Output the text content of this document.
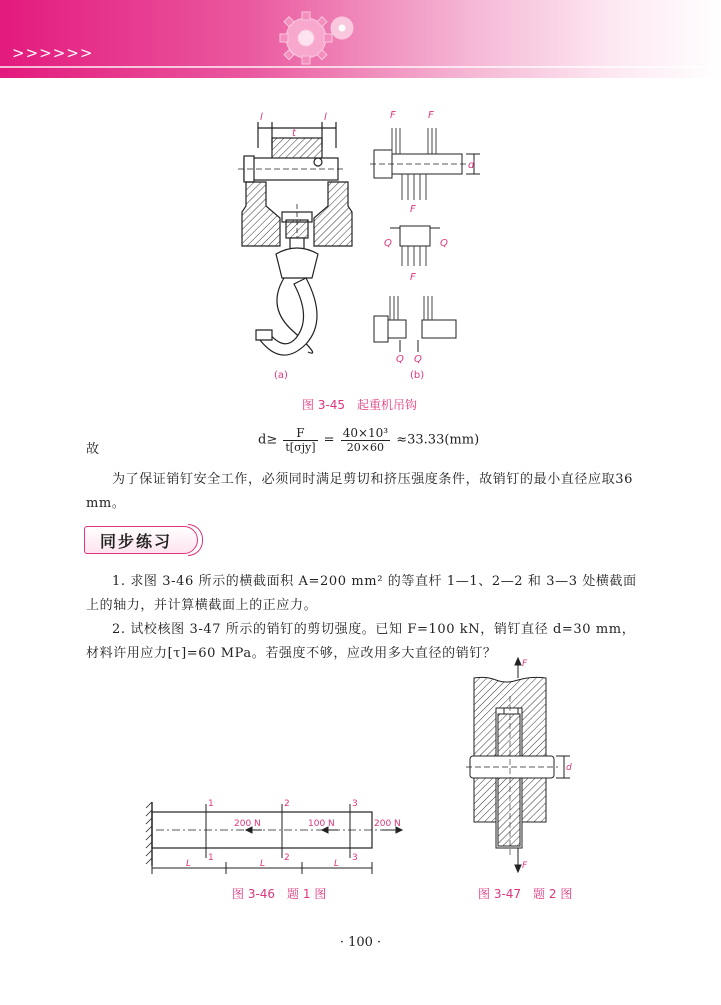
>>>>>>
l
t
l
(a)
F	F
d
F
Q	Q
F
Q Q
(b)
图 3-45　起重机吊钩
故
$d\ge \frac{F}{\text{t[σjy]}} = \frac{\text{40×10³}}{20\times 60} \approx 33.33(mm)$
为了保证销钉安全工作，必须同时满足剪切和挤压强度条件，故销钉的最小直径应取36 mm。
同步练习
1. 求图 3-46 所示的横截面积 A=200 mm² 的等直杆 1—1、2—2 和 3—3 处横截面上的轴力，并计算横截面上的正应力。
2. 试校核图 3-47 所示的销钉的剪切强度。已知 F=100 kN，销钉直径 d=30 mm，材料许用应力[τ]=60 MPa。若强度不够，应改用多大直径的销钉？
1	2	3
1	2	3
200 N	100 N	200 N
L	L	L
图 3-46　题 1 图
F
F
d
图 3-47　题 2 图
· 100 ·
